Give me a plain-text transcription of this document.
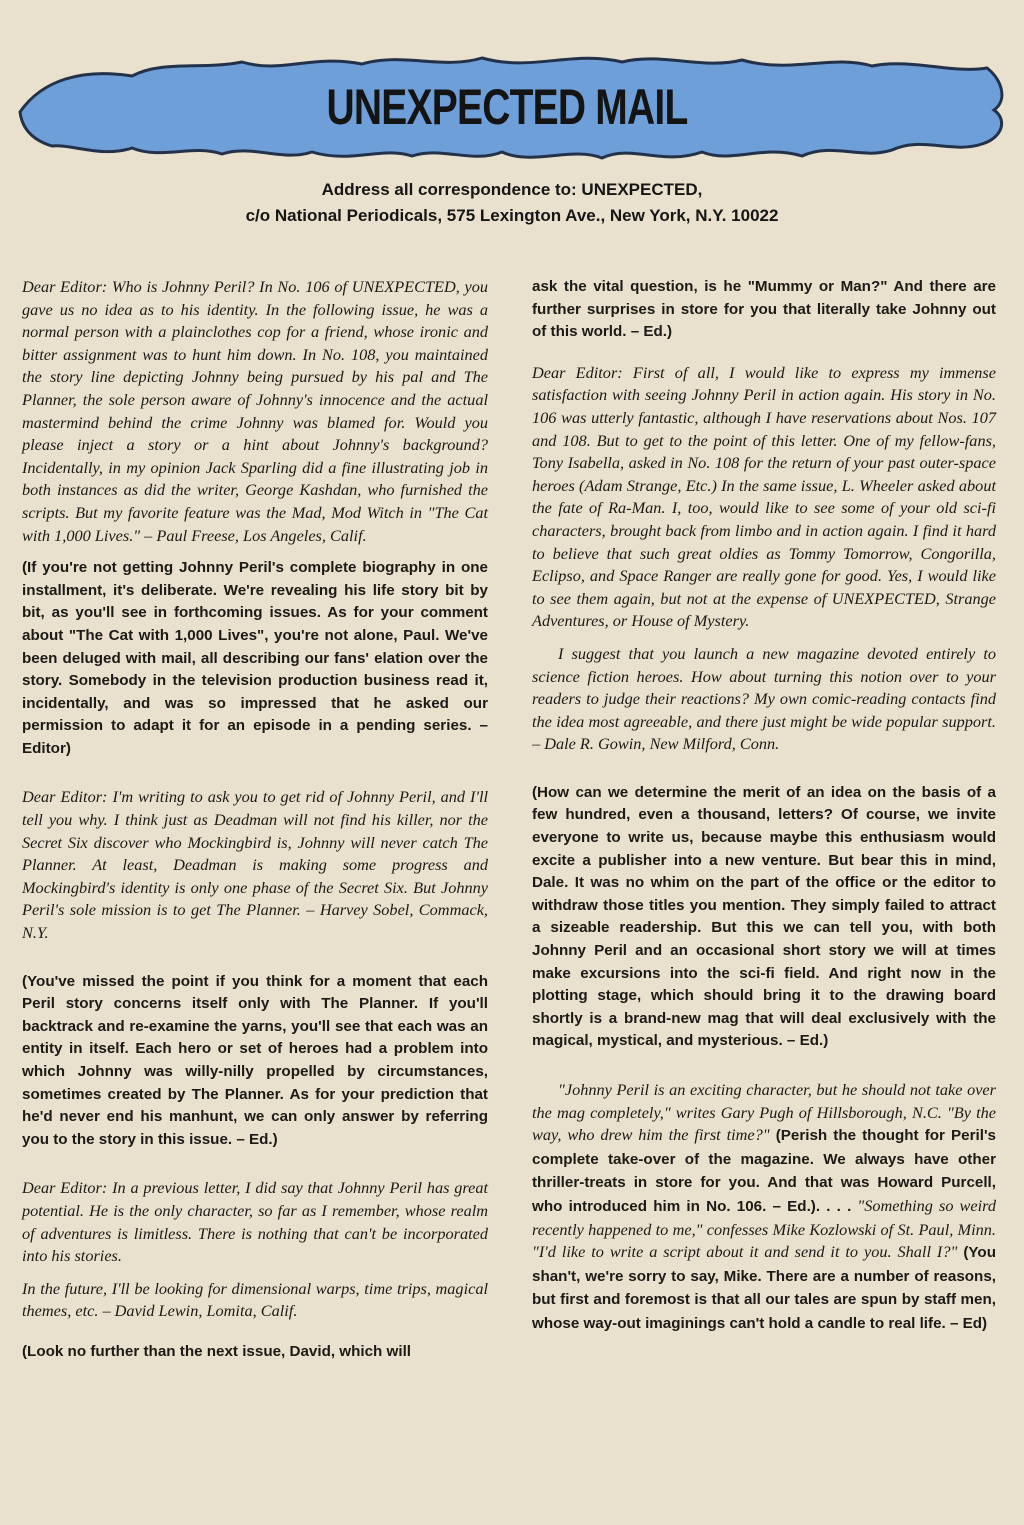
UNEXPECTED MAIL
Address all correspondence to: UNEXPECTED,
c/o National Periodicals, 575 Lexington Ave., New York, N.Y. 10022

Dear Editor: Who is Johnny Peril? In No. 106 of UNEXPECTED, you gave us no idea as to his identity. In the following issue, he was a normal person with a plainclothes cop for a friend, whose ironic and bitter assignment was to hunt him down. In No. 108, you maintained the story line depicting Johnny being pursued by his pal and The Planner, the sole person aware of Johnny's innocence and the actual mastermind behind the crime Johnny was blamed for. Would you please inject a story or a hint about Johnny's background? Incidentally, in my opinion Jack Sparling did a fine illustrating job in both instances as did the writer, George Kashdan, who furnished the scripts. But my favorite feature was the Mad, Mod Witch in "The Cat with 1,000 Lives." – Paul Freese, Los Angeles, Calif.

(If you're not getting Johnny Peril's complete biography in one installment, it's deliberate. We're revealing his life story bit by bit, as you'll see in forthcoming issues. As for your comment about "The Cat with 1,000 Lives", you're not alone, Paul. We've been deluged with mail, all describing our fans' elation over the story. Somebody in the television production business read it, incidentally, and was so impressed that he asked our permission to adapt it for an episode in a pending series. – Editor)

Dear Editor: I'm writing to ask you to get rid of Johnny Peril, and I'll tell you why. I think just as Deadman will not find his killer, nor the Secret Six discover who Mockingbird is, Johnny will never catch The Planner. At least, Deadman is making some progress and Mockingbird's identity is only one phase of the Secret Six. But Johnny Peril's sole mission is to get The Planner. – Harvey Sobel, Commack, N.Y.

(You've missed the point if you think for a moment that each Peril story concerns itself only with The Planner. If you'll backtrack and re-examine the yarns, you'll see that each was an entity in itself. Each hero or set of heroes had a problem into which Johnny was willy-nilly propelled by circumstances, sometimes created by The Planner. As for your prediction that he'd never end his manhunt, we can only answer by referring you to the story in this issue. – Ed.)

Dear Editor: In a previous letter, I did say that Johnny Peril has great potential. He is the only character, so far as I remember, whose realm of adventures is limitless. There is nothing that can't be incorporated into his stories.

In the future, I'll be looking for dimensional warps, time trips, magical themes, etc. – David Lewin, Lomita, Calif.

(Look no further than the next issue, David, which will

ask the vital question, is he "Mummy or Man?" And there are further surprises in store for you that literally take Johnny out of this world. – Ed.)

Dear Editor: First of all, I would like to express my immense satisfaction with seeing Johnny Peril in action again. His story in No. 106 was utterly fantastic, although I have reservations about Nos. 107 and 108. But to get to the point of this letter. One of my fellow-fans, Tony Isabella, asked in No. 108 for the return of your past outer-space heroes (Adam Strange, Etc.) In the same issue, L. Wheeler asked about the fate of Ra-Man. I, too, would like to see some of your old sci-fi characters, brought back from limbo and in action again. I find it hard to believe that such great oldies as Tommy Tomorrow, Congorilla, Eclipso, and Space Ranger are really gone for good. Yes, I would like to see them again, but not at the expense of UNEXPECTED, Strange Adventures, or House of Mystery.

I suggest that you launch a new magazine devoted entirely to science fiction heroes. How about turning this notion over to your readers to judge their reactions? My own comic-reading contacts find the idea most agreeable, and there just might be wide popular support. – Dale R. Gowin, New Milford, Conn.

(How can we determine the merit of an idea on the basis of a few hundred, even a thousand, letters? Of course, we invite everyone to write us, because maybe this enthusiasm would excite a publisher into a new venture. But bear this in mind, Dale. It was no whim on the part of the office or the editor to withdraw those titles you mention. They simply failed to attract a sizeable readership. But this we can tell you, with both Johnny Peril and an occasional short story we will at times make excursions into the sci-fi field. And right now in the plotting stage, which should bring it to the drawing board shortly is a brand-new mag that will deal exclusively with the magical, mystical, and mysterious. – Ed.)

"Johnny Peril is an exciting character, but he should not take over the mag completely," writes Gary Pugh of Hillsborough, N.C. "By the way, who drew him the first time?" (Perish the thought for Peril's complete take-over of the magazine. We always have other thriller-treats in store for you. And that was Howard Purcell, who introduced him in No. 106. – Ed.). . . . "Something so weird recently happened to me," confesses Mike Kozlowski of St. Paul, Minn. "I'd like to write a script about it and send it to you. Shall I?" (You shan't, we're sorry to say, Mike. There are a number of reasons, but first and foremost is that all our tales are spun by staff men, whose way-out imaginings can't hold a candle to real life. – Ed)
